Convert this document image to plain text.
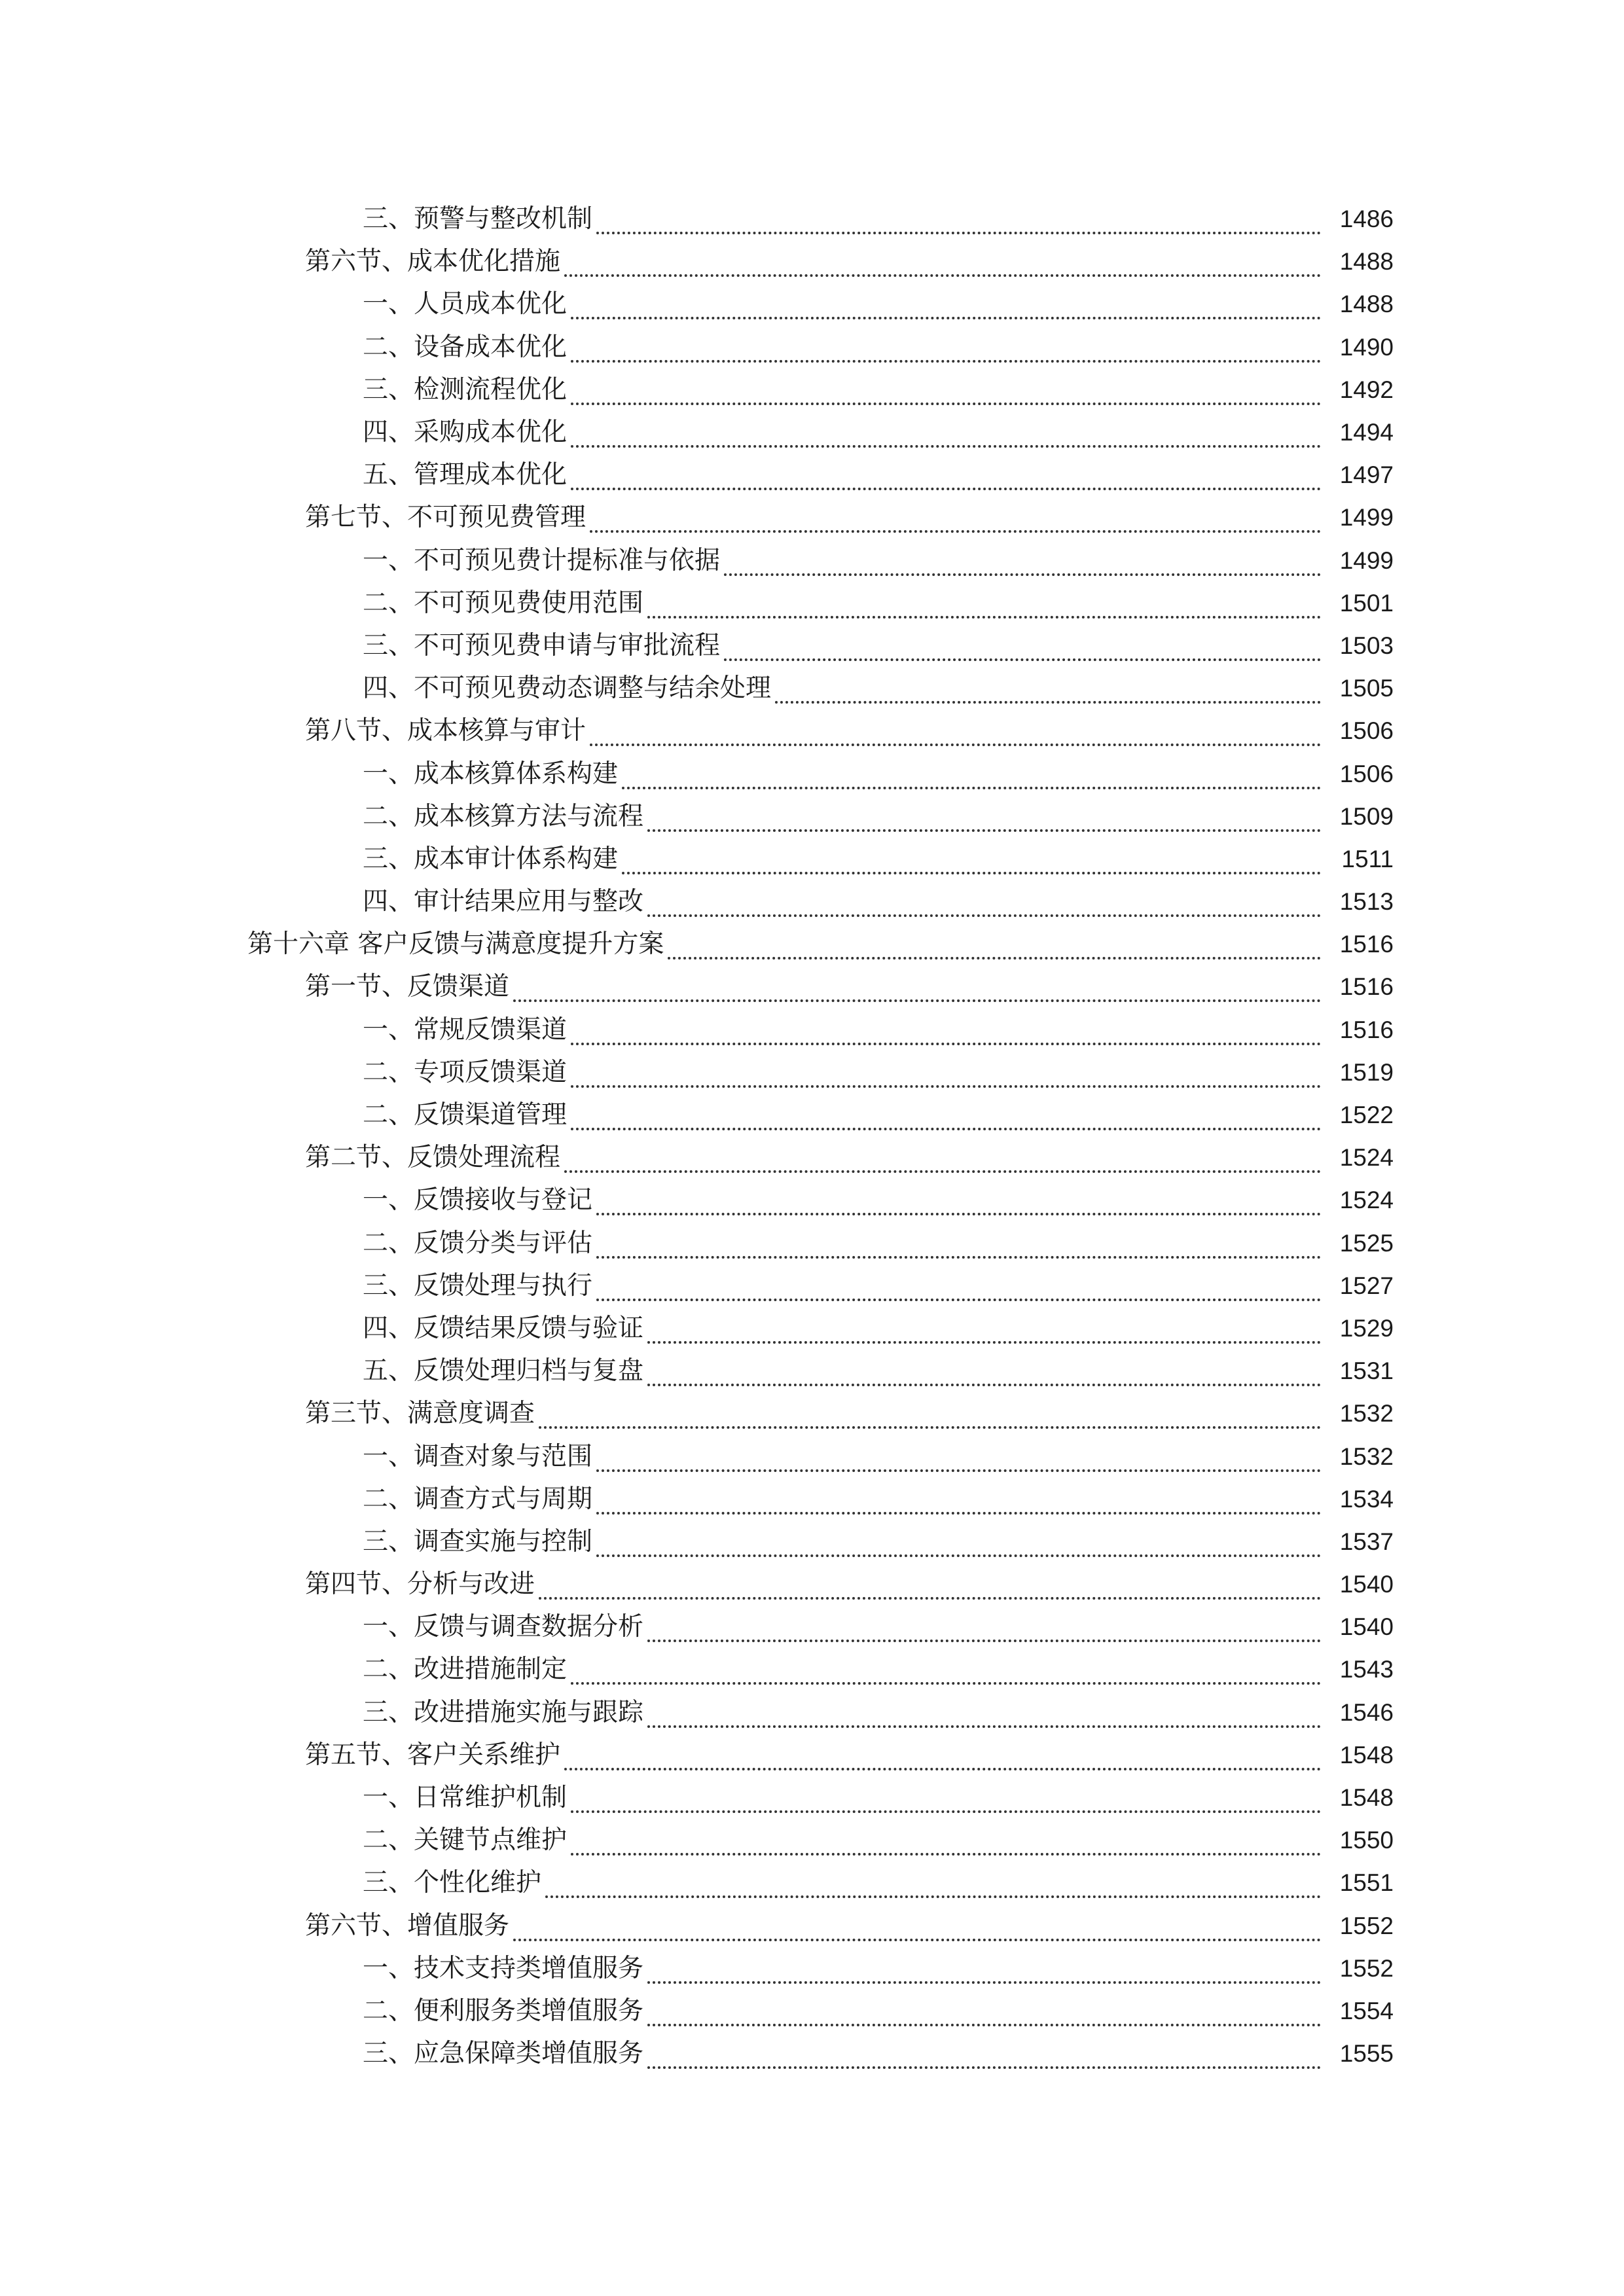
三、预警与整改机制	1486
第六节、成本优化措施	1488
一、人员成本优化	1488
二、设备成本优化	1490
三、检测流程优化	1492
四、采购成本优化	1494
五、管理成本优化	1497
第七节、不可预见费管理	1499
一、不可预见费计提标准与依据	1499
二、不可预见费使用范围	1501
三、不可预见费申请与审批流程	1503
四、不可预见费动态调整与结余处理	1505
第八节、成本核算与审计	1506
一、成本核算体系构建	1506
二、成本核算方法与流程	1509
三、成本审计体系构建	1511
四、审计结果应用与整改	1513
第十六章 客户反馈与满意度提升方案	1516
第一节、反馈渠道	1516
一、常规反馈渠道	1516
二、专项反馈渠道	1519
二、反馈渠道管理	1522
第二节、反馈处理流程	1524
一、反馈接收与登记	1524
二、反馈分类与评估	1525
三、反馈处理与执行	1527
四、反馈结果反馈与验证	1529
五、反馈处理归档与复盘	1531
第三节、满意度调查	1532
一、调查对象与范围	1532
二、调查方式与周期	1534
三、调查实施与控制	1537
第四节、分析与改进	1540
一、反馈与调查数据分析	1540
二、改进措施制定	1543
三、改进措施实施与跟踪	1546
第五节、客户关系维护	1548
一、日常维护机制	1548
二、关键节点维护	1550
三、个性化维护	1551
第六节、增值服务	1552
一、技术支持类增值服务	1552
二、便利服务类增值服务	1554
三、应急保障类增值服务	1555
